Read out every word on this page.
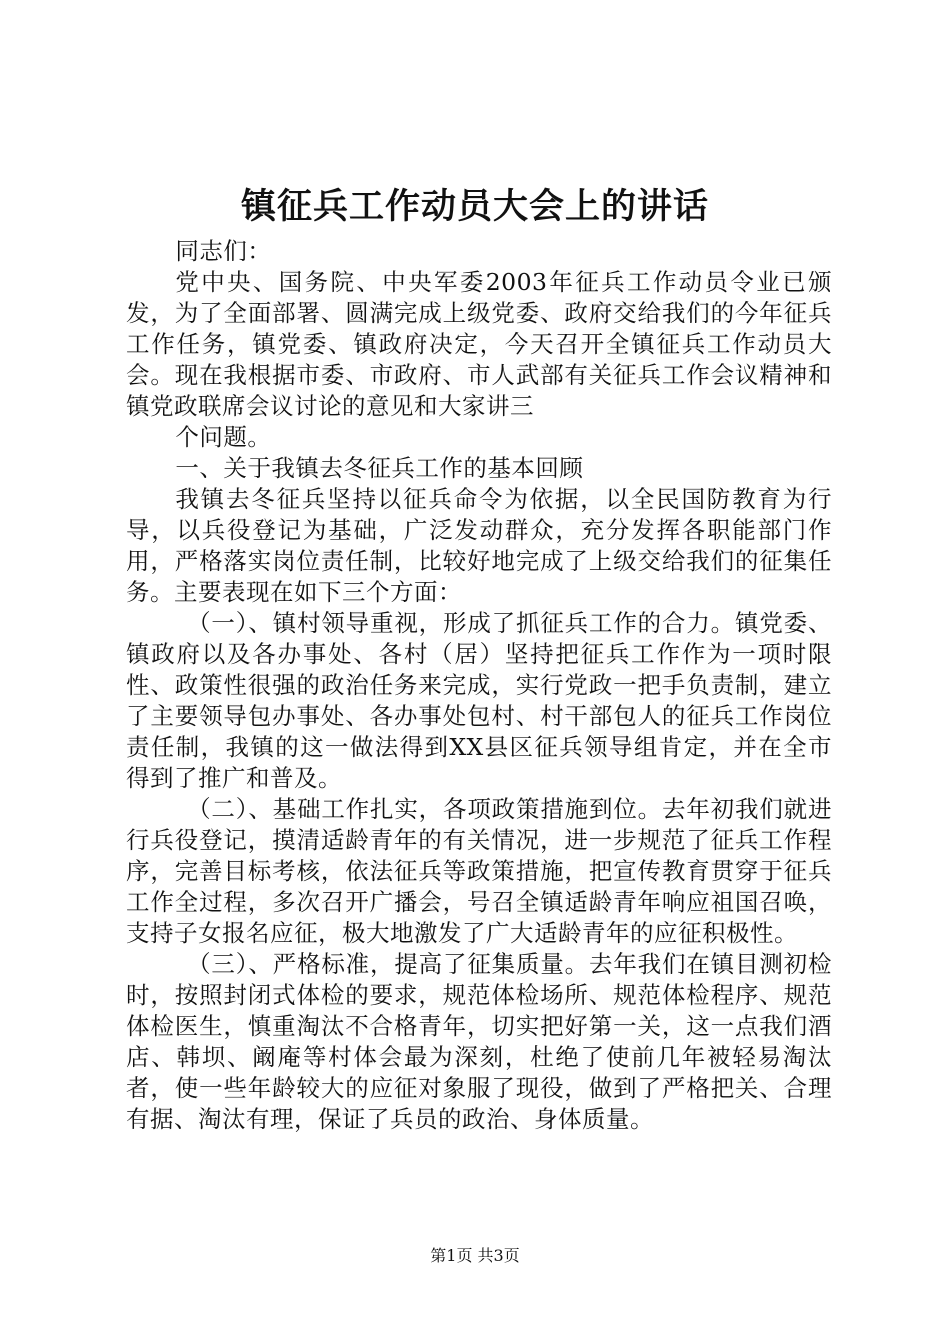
镇征兵工作动员大会上的讲话

同志们：

党中央、国务院、中央军委2003年征兵工作动员令业已颁发，为了全面部署、圆满完成上级党委、政府交给我们的今年征兵工作任务，镇党委、镇政府决定，今天召开全镇征兵工作动员大会。现在我根据市委、市政府、市人武部有关征兵工作会议精神和镇党政联席会议讨论的意见和大家讲三

个问题。

一、关于我镇去冬征兵工作的基本回顾

我镇去冬征兵坚持以征兵命令为依据，以全民国防教育为行导，以兵役登记为基础，广泛发动群众，充分发挥各职能部门作用，严格落实岗位责任制，比较好地完成了上级交给我们的征集任务。主要表现在如下三个方面：

（一）、镇村领导重视，形成了抓征兵工作的合力。镇党委、镇政府以及各办事处、各村（居）坚持把征兵工作作为一项时限性、政策性很强的政治任务来完成，实行党政一把手负责制，建立了主要领导包办事处、各办事处包村、村干部包人的征兵工作岗位责任制，我镇的这一做法得到XX县区征兵领导组肯定，并在全市得到了推广和普及。

（二）、基础工作扎实，各项政策措施到位。去年初我们就进行兵役登记，摸清适龄青年的有关情况，进一步规范了征兵工作程序，完善目标考核，依法征兵等政策措施，把宣传教育贯穿于征兵工作全过程，多次召开广播会，号召全镇适龄青年响应祖国召唤，支持子女报名应征，极大地激发了广大适龄青年的应征积极性。

（三）、严格标准，提高了征集质量。去年我们在镇目测初检时，按照封闭式体检的要求，规范体检场所、规范体检程序、规范体检医生，慎重淘汰不合格青年，切实把好第一关，这一点我们酒店、韩坝、阚庵等村体会最为深刻，杜绝了使前几年被轻易淘汰者，使一些年龄较大的应征对象服了现役，做到了严格把关、合理有据、淘汰有理，保证了兵员的政治、身体质量。

第1页 共3页
